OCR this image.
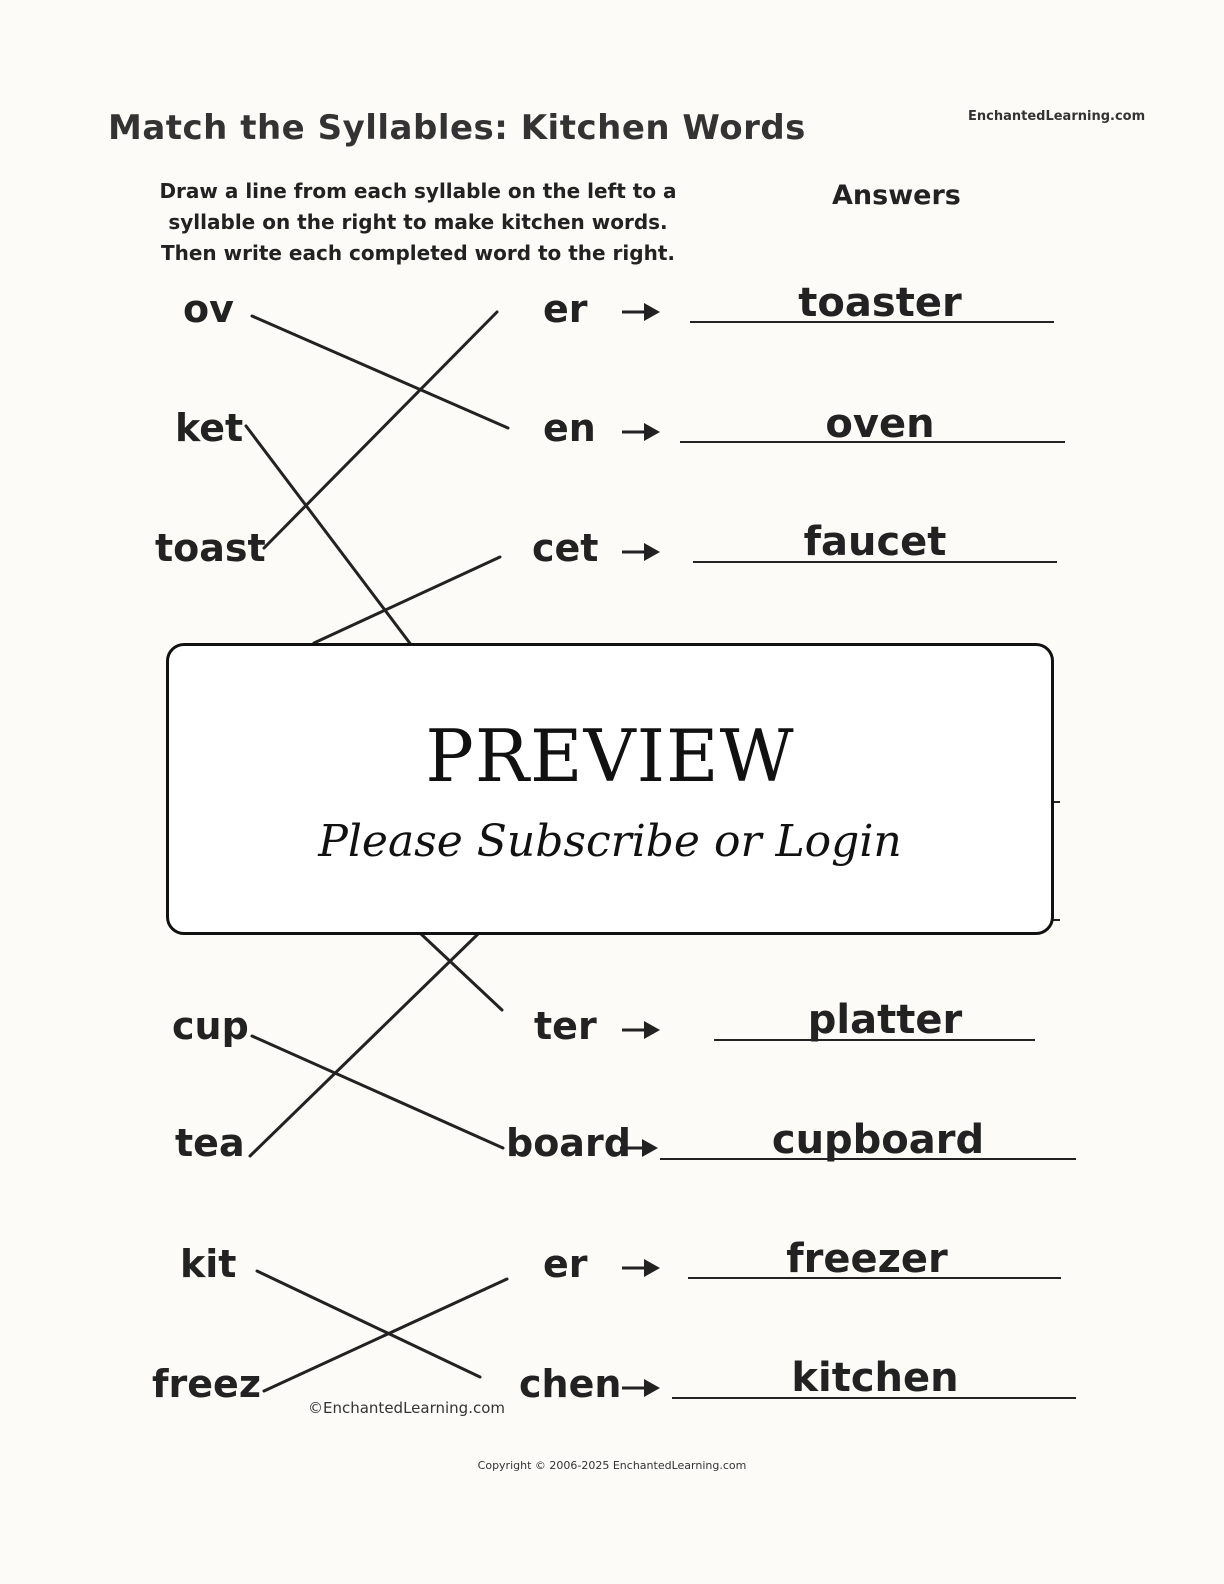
Match the Syllables: Kitchen Words	EnchantedLearning.com
Draw a line from each syllable on the left to a
syllable on the right to make kitchen words.
Then write each completed word to the right.
Answers
ov	er	toaster
ket	en	oven
toast	cet	faucet
cup	ter	platter
tea	board	cupboard
kit	er	freezer
freez	chen	kitchen
©EnchantedLearning.com
PREVIEW
Please Subscribe or Login
Copyright © 2006-2025 EnchantedLearning.com
